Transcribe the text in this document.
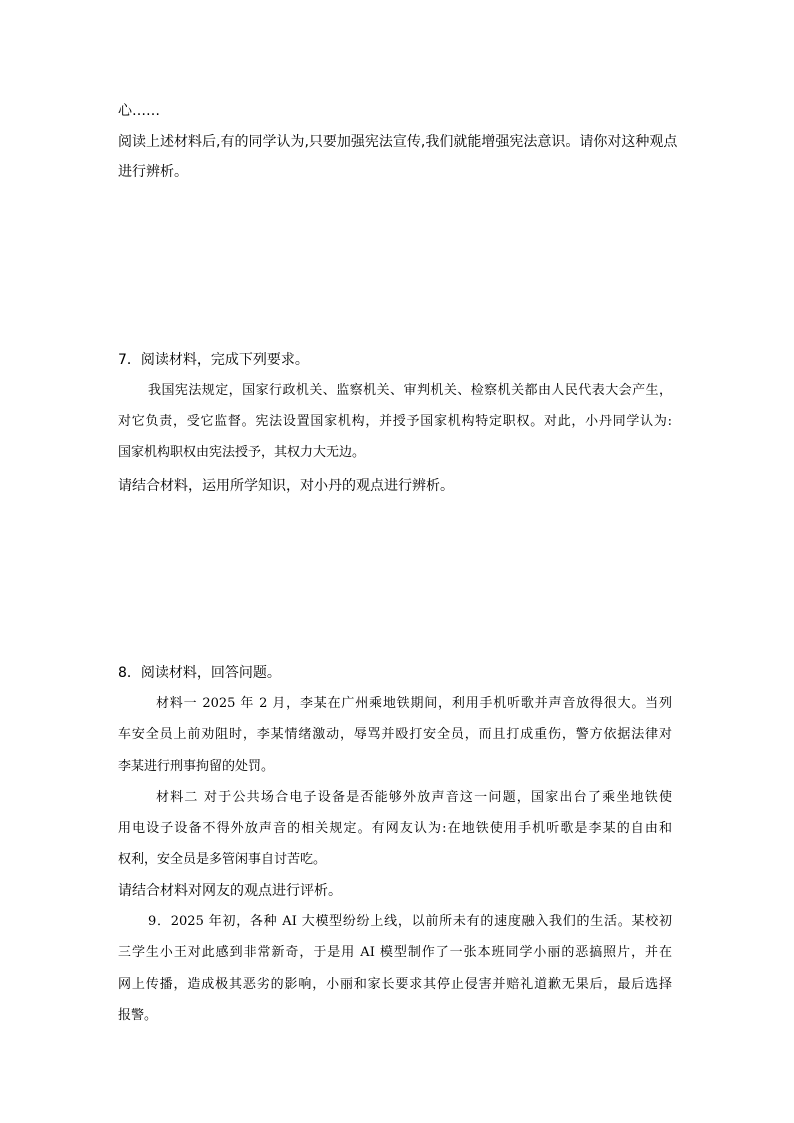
心……
阅读上述材料后,有的同学认为,只要加强宪法宣传,我们就能增强宪法意识。请你对这种观点
进行辨析。
7．阅读材料，完成下列要求。
我国宪法规定，国家行政机关、监察机关、审判机关、检察机关都由人民代表大会产生，
对它负责，受它监督。宪法设置国家机构，并授予国家机构特定职权。对此，小丹同学认为:
国家机构职权由宪法授予，其权力大无边。
请结合材料，运用所学知识，对小丹的观点进行辨析。
8．阅读材料，回答问题。
材料一 2025 年 2 月，李某在广州乘地铁期间，利用手机听歌并声音放得很大。当列
车安全员上前劝阻时，李某情绪激动，辱骂并殴打安全员，而且打成重伤，警方依据法律对
李某进行刑事拘留的处罚。
材料二 对于公共场合电子设备是否能够外放声音这一问题，国家出台了乘坐地铁使
用电设子设备不得外放声音的相关规定。有网友认为:在地铁使用手机听歌是李某的自由和
权利，安全员是多管闲事自讨苦吃。
请结合材料对网友的观点进行评析。
9．2025 年初，各种 AI 大模型纷纷上线，以前所未有的速度融入我们的生活。某校初
三学生小王对此感到非常新奇，于是用 AI 模型制作了一张本班同学小丽的恶搞照片，并在
网上传播，造成极其恶劣的影响，小丽和家长要求其停止侵害并赔礼道歉无果后，最后选择
报警。
